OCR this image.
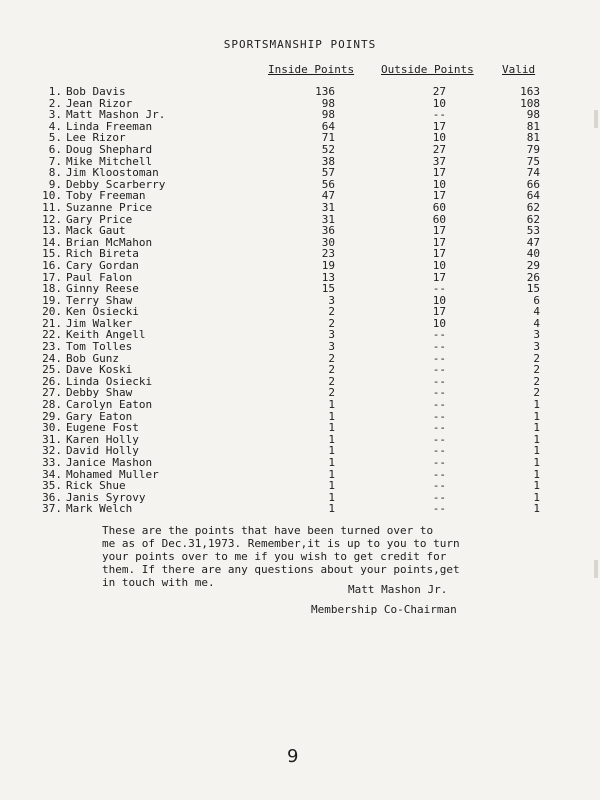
SPORTSMANSHIP POINTS
Inside Points Outside Points	Valid
1. Bob Davis	136	27	163
2. Jean Rizor	98	10	108
3. Matt Mashon Jr.	98	--	98
4. Linda Freeman	64	17	81
5. Lee Rizor	71	10	81
6. Doug Shephard	52	27	79
7. Mike Mitchell	38	37	75
8. Jim Kloostoman	57	17	74
9. Debby Scarberry	56	10	66
10. Toby Freeman	47	17	64
11. Suzanne Price	31	60	62
12. Gary Price	31	60	62
13. Mack Gaut	36	17	53
14. Brian McMahon	30	17	47
15. Rich Bireta	23	17	40
16. Cary Gordan	19	10	29
17. Paul Falon	13	17	26
18. Ginny Reese	15	--	15
19. Terry Shaw	3	10	6
20. Ken Osiecki	2	17	4
21. Jim Walker	2	10	4
22. Keith Angell	3	--	3
23. Tom Tolles	3	--	3
24. Bob Gunz	2	--	2
25. Dave Koski	2	--	2
26. Linda Osiecki	2	--	2
27. Debby Shaw	2	--	2
28. Carolyn Eaton	1	--	1
29. Gary Eaton	1	--	1
30. Eugene Fost	1	--	1
31. Karen Holly	1	--	1
32. David Holly	1	--	1
33. Janice Mashon	1	--	1
34. Mohamed Muller	1	--	1
35. Rick Shue	1	--	1
36. Janis Syrovy	1	--	1
37. Mark Welch	1	--	1
These are the points that have been turned over to
me as of Dec.31,1973. Remember,it is up to you to turn
your points over to me if you wish to get credit for
them. If there are any questions about your points,get
in touch with me.
Matt Mashon Jr.
Membership Co-Chairman
9
